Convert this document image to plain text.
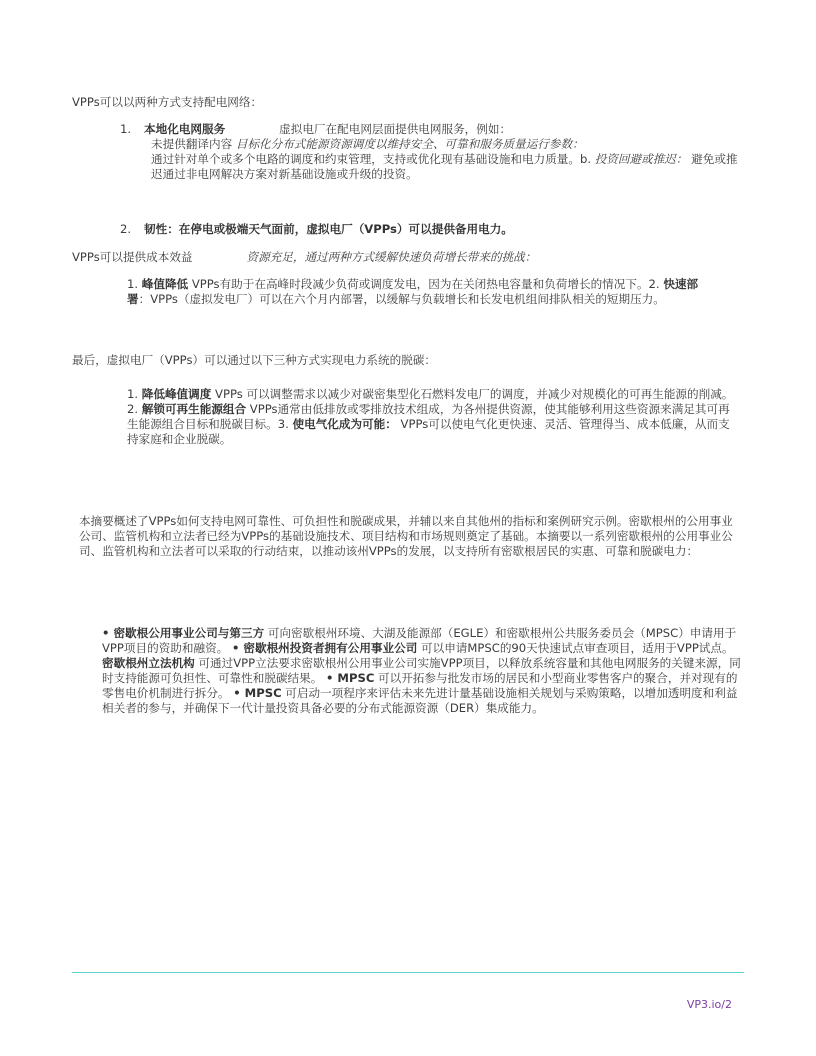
VPPs可以以两种方式支持配电网络：

1. 本地化电网服务	虚拟电厂在配电网层面提供电网服务，例如：
未提供翻译内容 目标化分布式能源资源调度以维持安全、可靠和服务质量运行参数：
通过针对单个或多个电路的调度和约束管理，支持或优化现有基础设施和电力质量。b. 投资回避或推迟： 避免或推迟通过非电网解决方案对新基础设施或升级的投资。
2. 韧性：在停电或极端天气面前，虚拟电厂（VPPs）可以提供备用电力。
VPPs可以提供成本效益	资源充足，通过两种方式缓解快速负荷增长带来的挑战：
1. 峰值降低 VPPs有助于在高峰时段减少负荷或调度发电，因为在关闭热电容量和负荷增长的情况下。2. 快速部署：VPPs（虚拟发电厂）可以在六个月内部署，以缓解与负载增长和长发电机组间排队相关的短期压力。

最后，虚拟电厂（VPPs）可以通过以下三种方式实现电力系统的脱碳：

1. 降低峰值调度 VPPs 可以调整需求以减少对碳密集型化石燃料发电厂的调度，并减少对规模化的可再生能源的削减。2. 解锁可再生能源组合 VPPs通常由低排放或零排放技术组成，为各州提供资源，使其能够利用这些资源来满足其可再生能源组合目标和脱碳目标。3. 使电气化成为可能： VPPs可以使电气化更快速、灵活、管理得当、成本低廉，从而支持家庭和企业脱碳。

本摘要概述了VPPs如何支持电网可靠性、可负担性和脱碳成果，并辅以来自其他州的指标和案例研究示例。密歇根州的公用事业公司、监管机构和立法者已经为VPPs的基础设施技术、项目结构和市场规则奠定了基础。本摘要以一系列密歇根州的公用事业公司、监管机构和立法者可以采取的行动结束，以推动该州VPPs的发展，以支持所有密歇根居民的实惠、可靠和脱碳电力：

• 密歇根公用事业公司与第三方 可向密歇根州环境、大湖及能源部（EGLE）和密歇根州公共服务委员会（MPSC）申请用于VPP项目的资助和融资。 • 密歇根州投资者拥有公用事业公司 可以申请MPSC的90天快速试点审查项目，适用于VPP试点。 密歇根州立法机构 可通过VPP立法要求密歇根州公用事业公司实施VPP项目，以释放系统容量和其他电网服务的关键来源，同时支持能源可负担性、可靠性和脱碳结果。 • MPSC 可以开拓参与批发市场的居民和小型商业零售客户的聚合，并对现有的零售电价机制进行拆分。 • MPSC 可启动一项程序来评估未来先进计量基础设施相关规划与采购策略，以增加透明度和利益相关者的参与，并确保下一代计量投资具备必要的分布式能源资源（DER）集成能力。
VP3.io/2
